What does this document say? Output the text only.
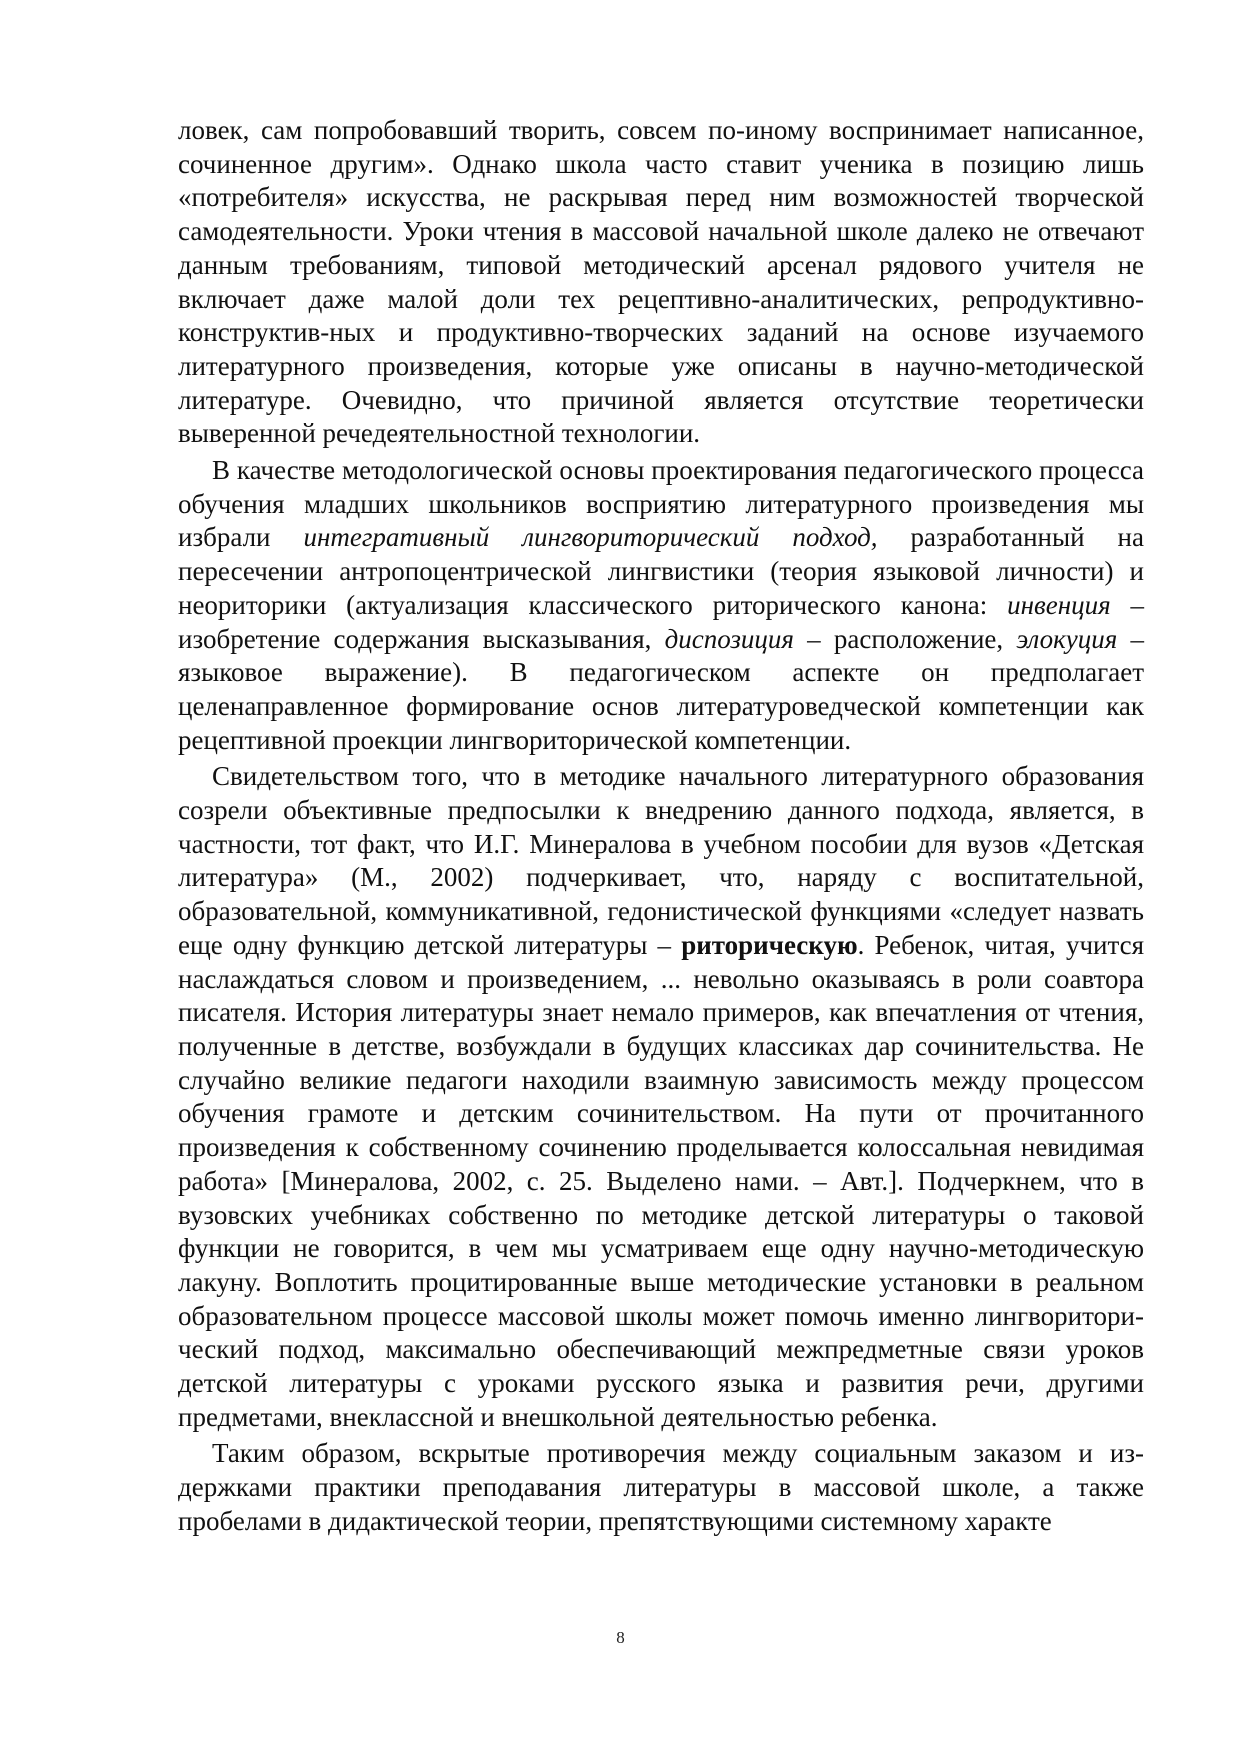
ловек, сам попробовавший творить, совсем по-иному воспринимает написанное, сочиненное другим». Однако школа часто ставит ученика в позицию лишь «потребителя» искусства, не раскрывая перед ним возможностей творческой самодеятельности. Уроки чтения в массовой начальной школе далеко не отвечают данным требованиям, типовой методический арсенал рядового учителя не включает даже малой доли тех рецептивно-аналитических, репродуктивно-конструктив-ных и продуктивно-творческих заданий на основе изучаемого литературного произведения, которые уже описаны в научно-методической литературе. Очевидно, что причиной является отсутствие теоретически выверенной речедеятельностной технологии.

В качестве методологической основы проектирования педагогического процесса обучения младших школьников восприятию литературного произведения мы избрали интегративный лингвориторический подход, разработанный на пересечении антропоцентрической лингвистики (теория языковой личности) и неориторики (актуализация классического риторического канона: инвенция – изобретение содержания высказывания, диспозиция – расположение, элокуция – языковое выражение). В педагогическом аспекте он предполагает целенаправленное формирование основ литературоведческой компетенции как рецептивной проекции лингвориторической компетенции.

Свидетельством того, что в методике начального литературного образования созрели объективные предпосылки к внедрению данного подхода, является, в частности, тот факт, что И.Г. Минералова в учебном пособии для вузов «Детская литература» (М., 2002) подчеркивает, что, наряду с воспитательной, образовательной, коммуникативной, гедонистической функциями «следует назвать еще одну функцию детской литературы – риторическую. Ребенок, читая, учится наслаждаться словом и произведением, ... невольно оказываясь в роли соавтора писателя. История литературы знает немало примеров, как впечатления от чтения, полученные в детстве, возбуждали в будущих классиках дар сочинительства. Не случайно великие педагоги находили взаимную зависимость между процессом обучения грамоте и детским сочинительством. На пути от прочитанного произведения к собственному сочинению проделывается колоссальная невидимая работа» [Минералова, 2002, с. 25. Выделено нами. – Авт.]. Подчеркнем, что в вузовских учебниках собственно по методике детской литературы о таковой функции не говорится, в чем мы усматриваем еще одну научно-методическую лакуну. Воплотить процитированные выше методические установки в реальном образовательном процессе массовой школы может помочь именно лингвориторический подход, максимально обеспечивающий межпредметные связи уроков детской литературы с уроками русского языка и развития речи, другими предметами, внеклассной и внешкольной деятельностью ребенка.

Таким образом, вскрытые противоречия между социальным заказом и издержками практики преподавания литературы в массовой школе, а также пробелами в дидактической теории, препятствующими системному характе

8
